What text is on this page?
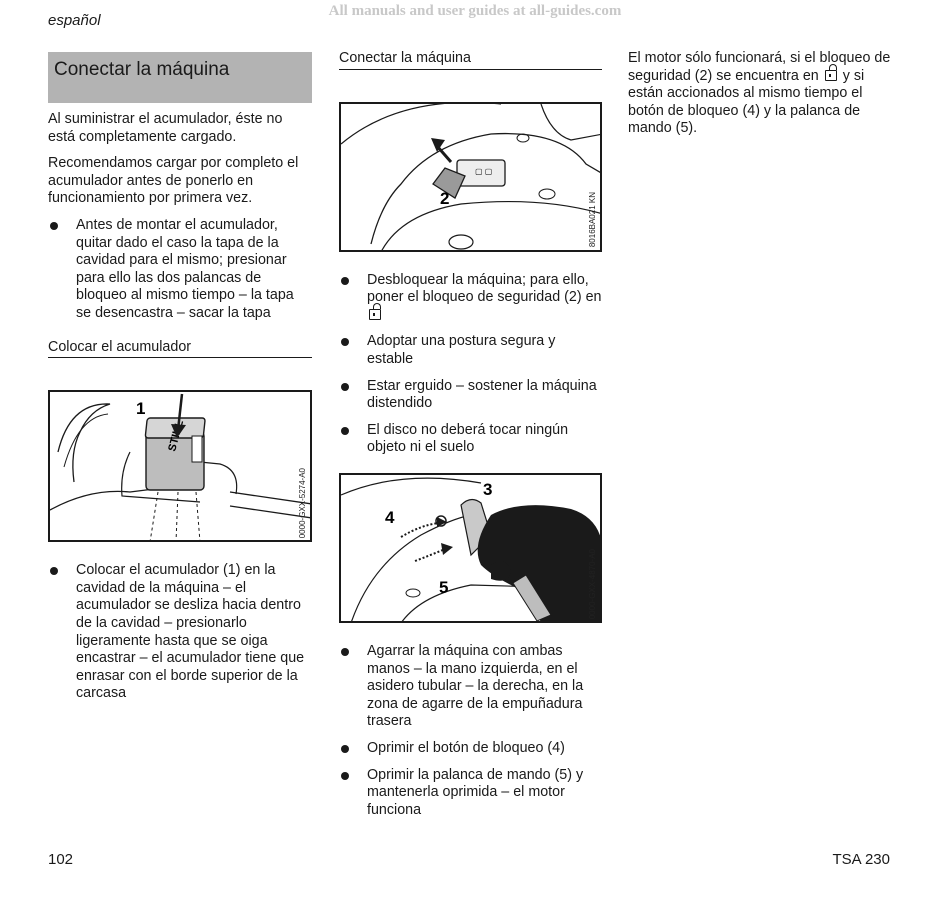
All manuals and user guides at all-guides.com
español
Conectar la máquina

Al suministrar el acumulador, éste no está completamente cargado.

Recomendamos cargar por completo el acumulador antes de ponerlo en funcionamiento por primera vez.

Antes de montar el acumulador, quitar dado el caso la tapa de la cavidad para el mismo; presionar para ello las dos palancas de bloqueo al mismo tiempo – la tapa se desencastra – sacar la tapa
Colocar el acumulador
1
0000-GXX-5274-A0
Colocar el acumulador (1) en la cavidad de la máquina – el acumulador se desliza hacia dentro de la cavidad – presionarlo ligeramente hasta que se oiga encastrar – el acumulador tiene que enrasar con el borde superior de la carcasa
Conectar la máquina
2
▢ ▢
8016BA021 KN
Desbloquear la máquina; para ello, poner el bloqueo de seguridad (2) en
Adoptar una postura segura y estable
Estar erguido – sostener la máquina distendido
El disco no deberá tocar ningún objeto ni el suelo
3
4
5	0000-GXX-4870-A0
Agarrar la máquina con ambas manos – la mano izquierda, en el asidero tubular – la derecha, en la zona de agarre de la empuñadura trasera
Oprimir el botón de bloqueo (4)
Oprimir la palanca de mando (5) y mantenerla oprimida – el motor funciona

El motor sólo funcionará, si el bloqueo de seguridad (2) se encuentra en y si están accionados al mismo tiempo el botón de bloqueo (4) y la palanca de mando (5).

102	TSA 230
